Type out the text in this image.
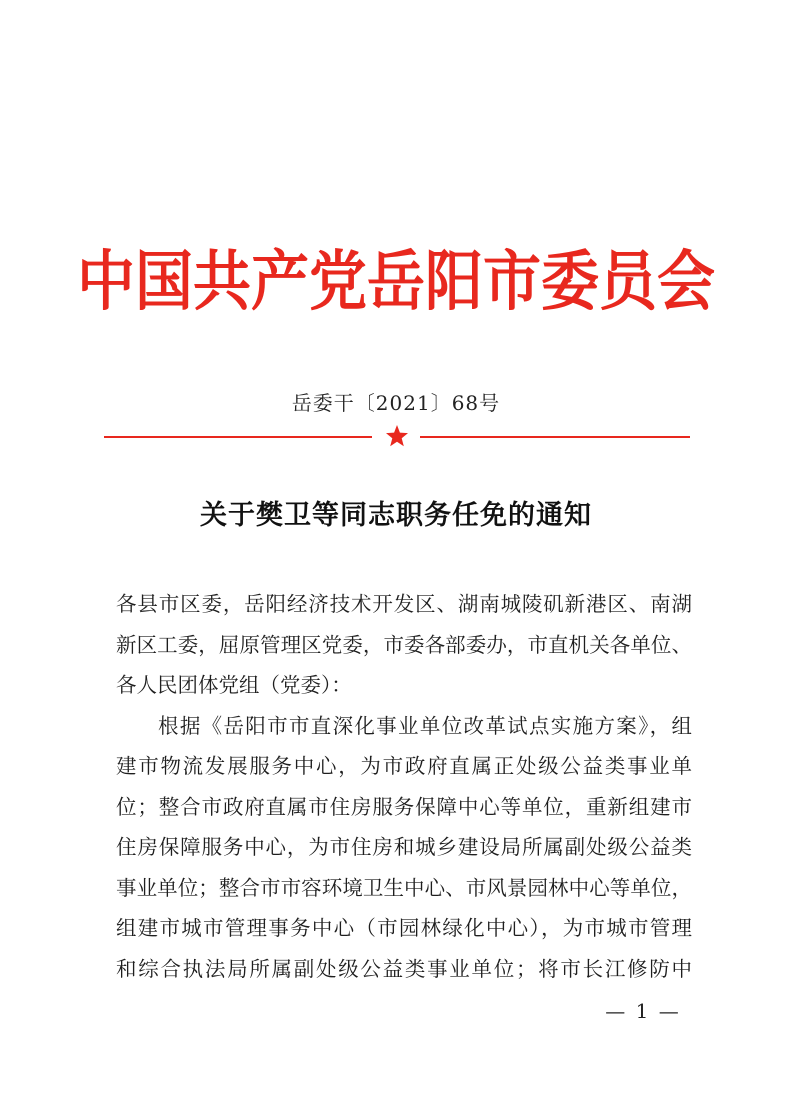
中国共产党岳阳市委员会
岳委干〔2021〕68号
关于樊卫等同志职务任免的通知
各县市区委，岳阳经济技术开发区、湖南城陵矶新港区、南湖
新区工委，屈原管理区党委，市委各部委办，市直机关各单位、
各人民团体党组（党委）：
根据《岳阳市市直深化事业单位改革试点实施方案》，组
建市物流发展服务中心，为市政府直属正处级公益类事业单
位；整合市政府直属市住房服务保障中心等单位，重新组建市
住房保障服务中心，为市住房和城乡建设局所属副处级公益类
事业单位；整合市市容环境卫生中心、市风景园林中心等单位，
组建市城市管理事务中心（市园林绿化中心），为市城市管理
和综合执法局所属副处级公益类事业单位；将市长江修防中
— 1 —
